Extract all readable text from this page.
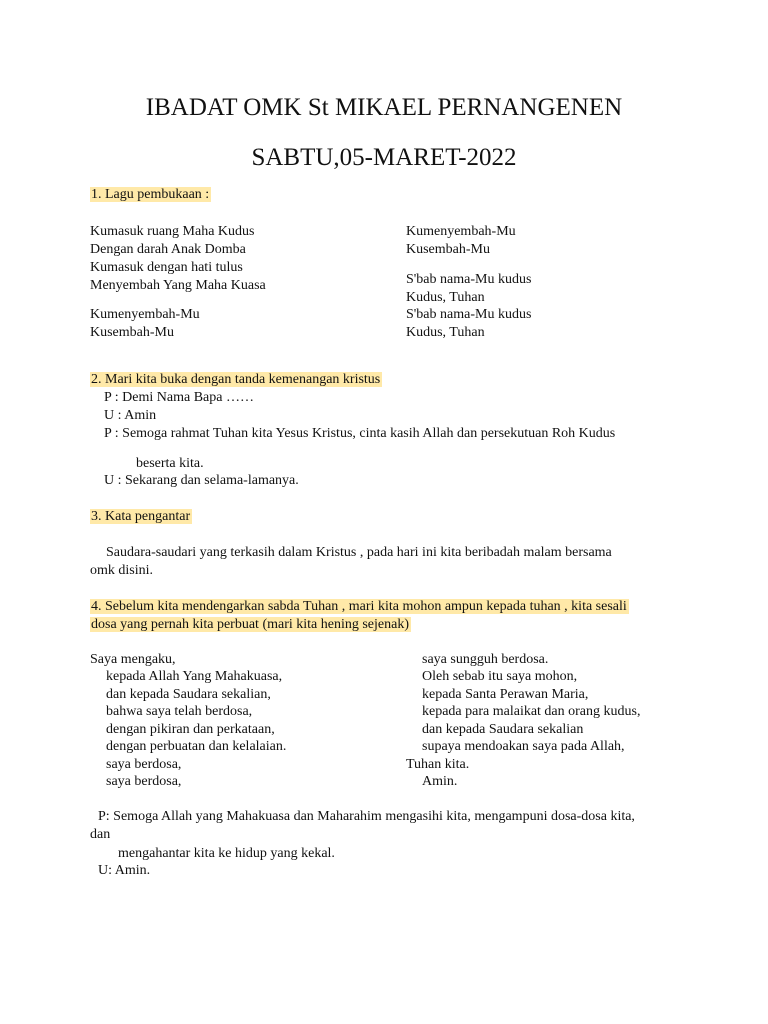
IBADAT OMK St MIKAEL PERNANGENEN
SABTU,05-MARET-2022
1. Lagu pembukaan :
Kumasuk ruang Maha Kudus
Dengan darah Anak Domba
Kumasuk dengan hati tulus
Menyembah Yang Maha Kuasa
Kumenyembah-Mu
Kusembah-Mu
Kumenyembah-Mu
Kusembah-Mu
S'bab nama-Mu kudus
Kudus, Tuhan
S'bab nama-Mu kudus
Kudus, Tuhan
2. Mari kita buka dengan tanda kemenangan kristus
P : Demi Nama Bapa ……
U : Amin
P : Semoga rahmat Tuhan kita Yesus Kristus, cinta kasih Allah dan persekutuan Roh Kudus
beserta kita.
U : Sekarang dan selama-lamanya.
3. Kata pengantar
Saudara-saudari yang terkasih dalam Kristus , pada hari ini kita beribadah malam bersama
omk disini.
4. Sebelum kita mendengarkan sabda Tuhan , mari kita mohon ampun kepada tuhan , kita sesali
dosa yang pernah kita perbuat (mari kita hening sejenak)
Saya mengaku,
kepada Allah Yang Mahakuasa,
dan kepada Saudara sekalian,
bahwa saya telah berdosa,
dengan pikiran dan perkataan,
dengan perbuatan dan kelalaian.
saya berdosa,
saya berdosa,
saya sungguh berdosa.
Oleh sebab itu saya mohon,
kepada Santa Perawan Maria,
kepada para malaikat dan orang kudus,
dan kepada Saudara sekalian
supaya mendoakan saya pada Allah,
Tuhan kita.
Amin.
P: Semoga Allah yang Mahakuasa dan Maharahim mengasihi kita, mengampuni dosa-dosa kita,
dan
mengahantar kita ke hidup yang kekal.
U: Amin.
